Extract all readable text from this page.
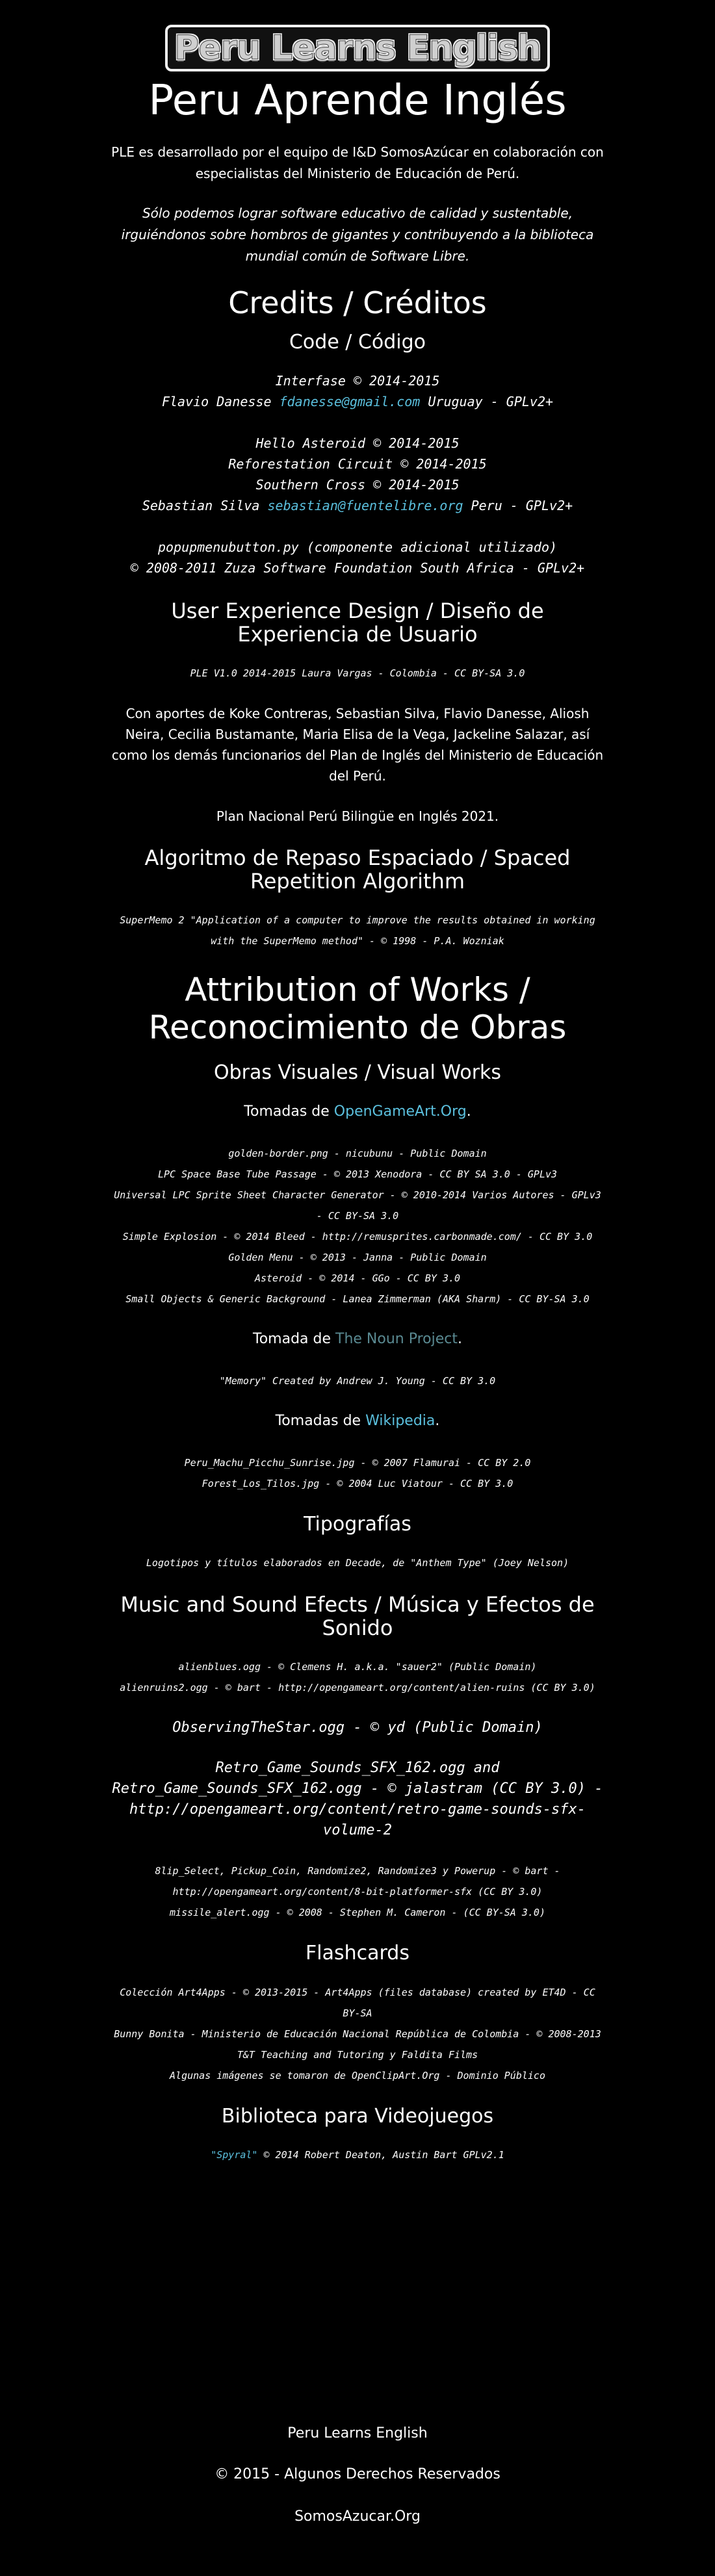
Peru Learns English
Peru Aprende Inglés

PLE es desarrollado por el equipo de I&D SomosAzúcar en colaboración con especialistas del Ministerio de Educación de Perú.

Sólo podemos lograr software educativo de calidad y sustentable, irguiéndonos sobre hombros de gigantes y contribuyendo a la biblioteca mundial común de Software Libre.

Credits / Créditos
Code / Código
Interfase © 2014-2015
Flavio Danesse fdanesse@gmail.com Uruguay - GPLv2+
Hello Asteroid © 2014-2015
Reforestation Circuit © 2014-2015
Southern Cross © 2014-2015
Sebastian Silva sebastian@fuentelibre.org Peru - GPLv2+
popupmenubutton.py (componente adicional utilizado)
© 2008-2011 Zuza Software Foundation South Africa - GPLv2+
User Experience Design / Diseño de Experiencia de Usuario
PLE V1.0 2014-2015 Laura Vargas - Colombia - CC BY-SA 3.0

Con aportes de Koke Contreras, Sebastian Silva, Flavio Danesse, Aliosh Neira, Cecilia Bustamante, Maria Elisa de la Vega, Jackeline Salazar, así como los demás funcionarios del Plan de Inglés del Ministerio de Educación del Perú.

Plan Nacional Perú Bilingüe en Inglés 2021.

Algoritmo de Repaso Espaciado / Spaced Repetition Algorithm
SuperMemo 2 "Application of a computer to improve the results obtained in working with the SuperMemo method" - © 1998 - P.A. Wozniak
Attribution of Works / Reconocimiento de Obras
Obras Visuales / Visual Works
Tomadas de OpenGameArt.Org.
golden-border.png - nicubunu - Public Domain
LPC Space Base Tube Passage - © 2013 Xenodora - CC BY SA 3.0 - GPLv3
Universal LPC Sprite Sheet Character Generator - © 2010-2014 Varios Autores - GPLv3 - CC BY-SA 3.0
Simple Explosion - © 2014 Bleed - http://remusprites.carbonmade.com/ - CC BY 3.0
Golden Menu - © 2013 - Janna - Public Domain
Asteroid - © 2014 - GGo - CC BY 3.0
Small Objects & Generic Background - Lanea Zimmerman (AKA Sharm) - CC BY-SA 3.0
Tomada de The Noun Project.
"Memory" Created by Andrew J. Young - CC BY 3.0
Tomadas de Wikipedia.
Peru_Machu_Picchu_Sunrise.jpg - © 2007 Flamurai - CC BY 2.0
Forest_Los_Tilos.jpg - © 2004 Luc Viatour - CC BY 3.0
Tipografías
Logotipos y títulos elaborados en Decade, de "Anthem Type" (Joey Nelson)
Music and Sound Efects / Música y Efectos de Sonido
alienblues.ogg - © Clemens H. a.k.a. "sauer2" (Public Domain)
alienruins2.ogg - © bart - http://opengameart.org/content/alien-ruins (CC BY 3.0)
ObservingTheStar.ogg - © yd (Public Domain)
Retro_Game_Sounds_SFX_162.ogg and Retro_Game_Sounds_SFX_162.ogg - © jalastram (CC BY 3.0) - http://opengameart.org/content/retro-game-sounds-sfx-volume-2
8lip_Select, Pickup_Coin, Randomize2, Randomize3 y Powerup - © bart - http://opengameart.org/content/8-bit-platformer-sfx (CC BY 3.0)
missile_alert.ogg - © 2008 - Stephen M. Cameron - (CC BY-SA 3.0)
Flashcards
Colección Art4Apps - © 2013-2015 - Art4Apps (files database) created by ET4D - CC BY-SA
Bunny Bonita - Ministerio de Educación Nacional República de Colombia - © 2008-2013 T&T Teaching and Tutoring y Faldita Films
Algunas imágenes se tomaron de OpenClipArt.Org - Dominio Público
Biblioteca para Videojuegos
"Spyral" © 2014 Robert Deaton, Austin Bart GPLv2.1
Peru Learns English
© 2015 - Algunos Derechos Reservados
SomosAzucar.Org
